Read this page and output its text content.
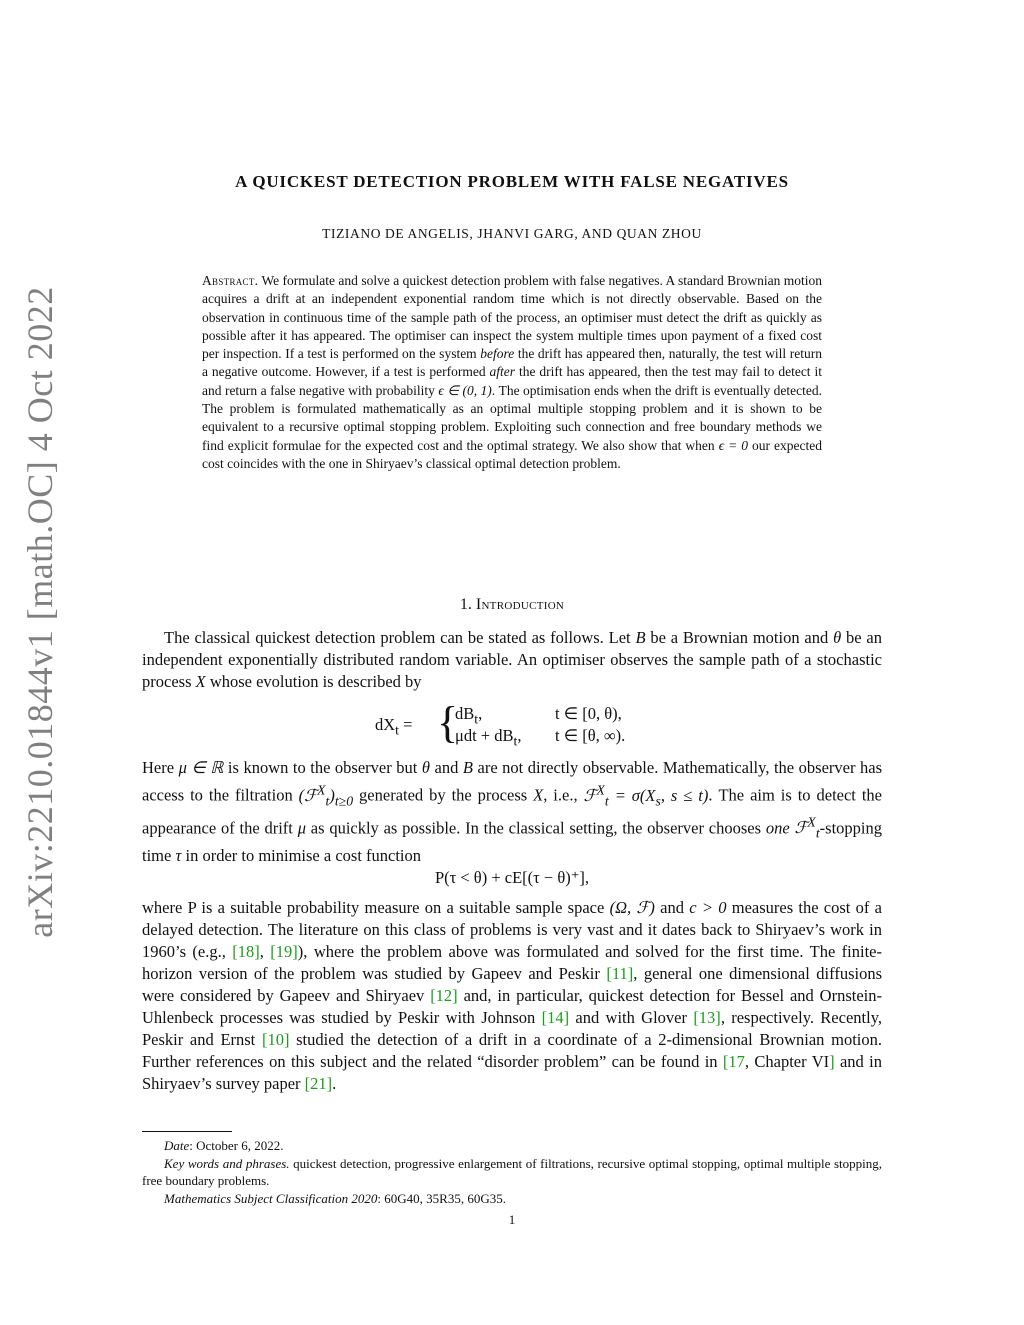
arXiv:2210.01844v1 [math.OC] 4 Oct 2022
A QUICKEST DETECTION PROBLEM WITH FALSE NEGATIVES
TIZIANO DE ANGELIS, JHANVI GARG, AND QUAN ZHOU
Abstract. We formulate and solve a quickest detection problem with false negatives. A standard Brownian motion acquires a drift at an independent exponential random time which is not directly observable. Based on the observation in continuous time of the sample path of the process, an optimiser must detect the drift as quickly as possible after it has appeared. The optimiser can inspect the system multiple times upon payment of a fixed cost per inspection. If a test is performed on the system before the drift has appeared then, naturally, the test will return a negative outcome. However, if a test is performed after the drift has appeared, then the test may fail to detect it and return a false negative with probability ϵ ∈ (0, 1). The optimisation ends when the drift is eventually detected. The problem is formulated mathematically as an optimal multiple stopping problem and it is shown to be equivalent to a recursive optimal stopping problem. Exploiting such connection and free boundary methods we find explicit formulae for the expected cost and the optimal strategy. We also show that when ϵ = 0 our expected cost coincides with the one in Shiryaev’s classical optimal detection problem.
1. Introduction
The classical quickest detection problem can be stated as follows. Let B be a Brownian motion and θ be an independent exponentially distributed random variable. An optimiser observes the sample path of a stochastic process X whose evolution is described by
$dX_t$ = {
$dB_t$,	t ∈ [0, θ),
$\mu dt + dB_t$, t ∈ [θ, ∞).
Here μ ∈ ℝ is known to the observer but θ and B are not directly observable. Mathematically, the observer has access to the filtration $(ℱ^X_t)_{t\ge 0}$ generated by the process X, i.e., ℱ$^X_t$ = $\sigma(X_s$, s ≤ t). The aim is to detect the appearance of the drift μ as quickly as possible. In the classical setting, the observer chooses one ℱ$^X_t$-stopping time τ in order to minimise a cost function
P(τ < θ) + cE[(τ − θ)⁺],
where P is a suitable probability measure on a suitable sample space (Ω, ℱ) and c > 0 measures the cost of a delayed detection. The literature on this class of problems is very vast and it dates back to Shiryaev’s work in 1960’s (e.g., [18], [19]), where the problem above was formulated and solved for the first time. The finite-horizon version of the problem was studied by Gapeev and Peskir [11], general one dimensional diffusions were considered by Gapeev and Shiryaev [12] and, in particular, quickest detection for Bessel and Ornstein-Uhlenbeck processes was studied by Peskir with Johnson [14] and with Glover [13], respectively. Recently, Peskir and Ernst [10] studied the detection of a drift in a coordinate of a 2-dimensional Brownian motion. Further references on this subject and the related “disorder problem” can be found in [17, Chapter VI] and in Shiryaev’s survey paper [21].

Date: October 6, 2022.

Key words and phrases. quickest detection, progressive enlargement of filtrations, recursive optimal stopping, optimal multiple stopping, free boundary problems.

Mathematics Subject Classification 2020: 60G40, 35R35, 60G35.

1
